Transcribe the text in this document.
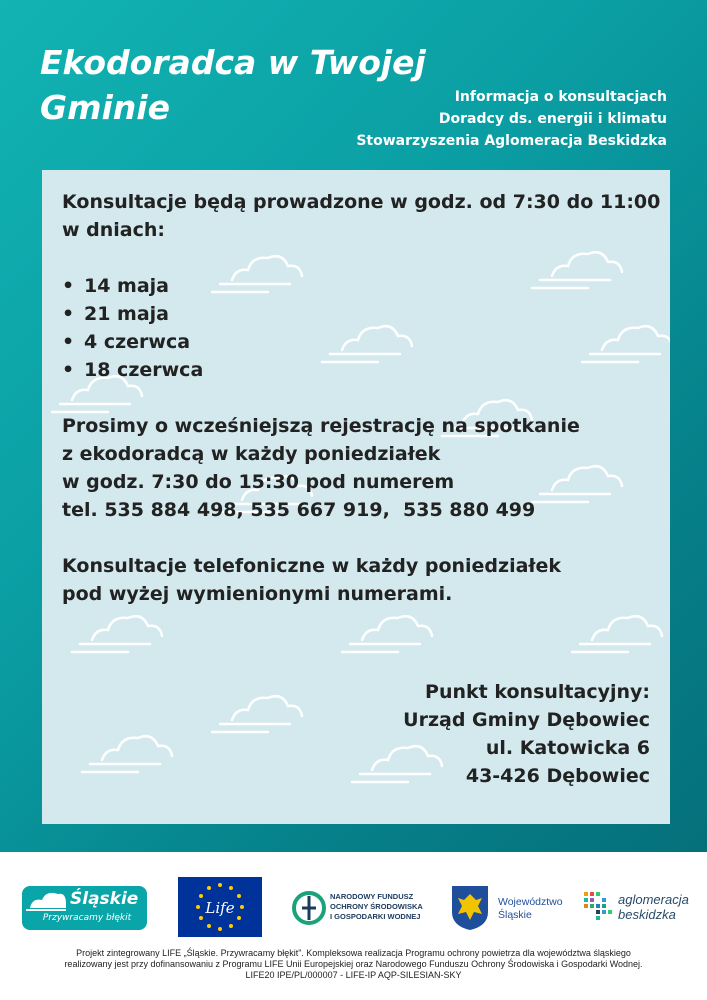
Ekodoradca w Twojej
Gminie	Informacja o konsultacjach
Doradcy ds. energii i klimatu
Stowarzyszenia Aglomeracja Beskidzka

Konsultacje będą prowadzone w godz. od 7:30 do 11:00
w dniach:

• 14 maja
• 21 maja
• 4 czerwca
• 18 czerwca

Prosimy o wcześniejszą rejestrację na spotkanie
z ekodoradcą w każdy poniedziałek
w godz. 7:30 do 15:30 pod numerem
tel. 535 884 498, 535 667 919,  535 880 499

Konsultacje telefoniczne w każdy poniedziałek
pod wyżej wymienionymi numerami.

Punkt konsultacyjny:
Urząd Gminy Dębowiec
ul. Katowicka 6
43-426 Dębowiec
Śląskie
Przywracamy błękit
Life
NARODOWY FUNDUSZ
OCHRONY ŚRODOWISKA
I GOSPODARKI WODNEJ
Województwo
Śląskie
aglomeracja
beskidzka
Projekt zintegrowany LIFE „Śląskie. Przywracamy błękit”. Kompleksowa realizacja Programu ochrony powietrza dla województwa śląskiego
realizowany jest przy dofinansowaniu z Programu LIFE Unii Europejskiej oraz Narodowego Funduszu Ochrony Środowiska i Gospodarki Wodnej.
LIFE20 IPE/PL/000007 - LIFE-IP AQP-SILESIAN-SKY
